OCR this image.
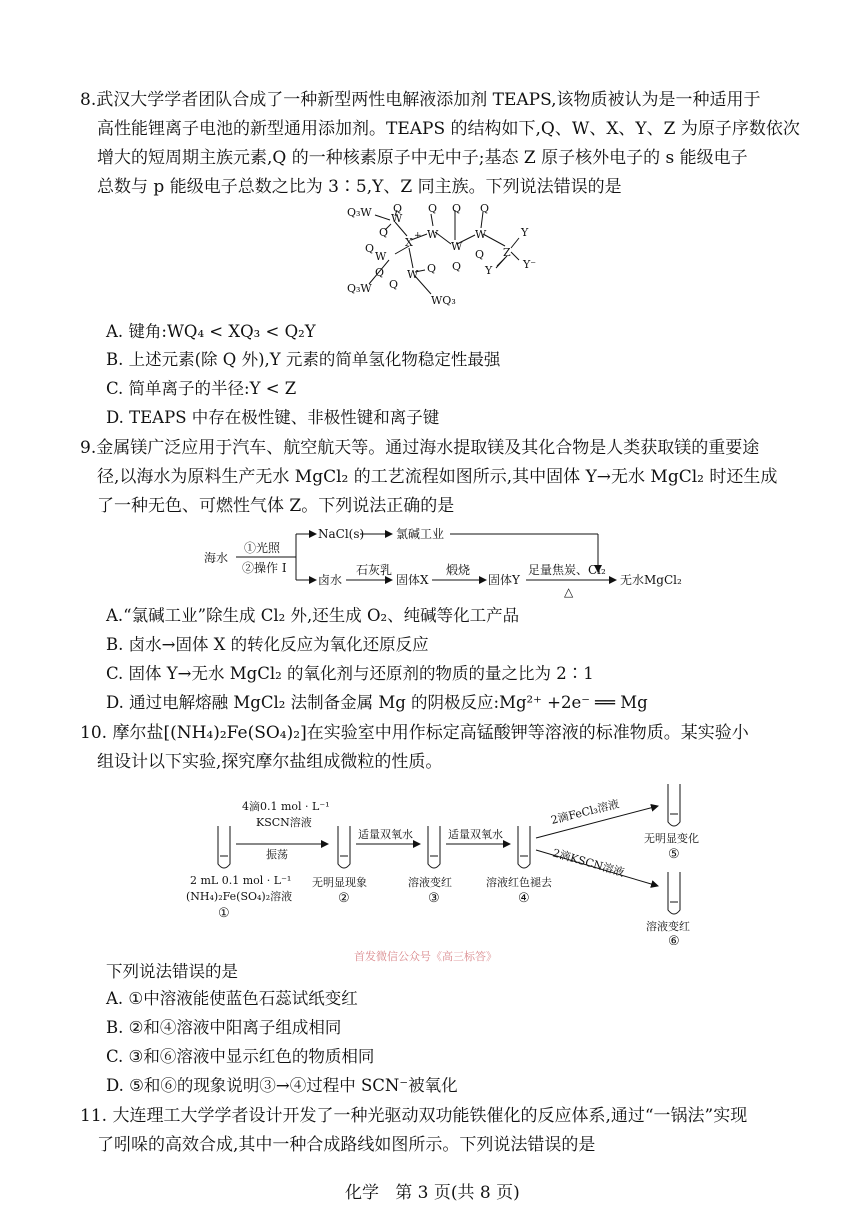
8.武汉大学学者团队合成了一种新型两性电解液添加剂 TEAPS,该物质被认为是一种适用于
高性能锂离子电池的新型通用添加剂。TEAPS 的结构如下,Q、W、X、Y、Z 为原子序数依次
增大的短周期主族元素,Q 的一种核素原子中无中子;基态 Z 原子核外电子的 s 能级电子
总数与 p 能级电子总数之比为 3∶5,Y、Z 同主族。下列说法错误的是
Q₃W W
Q
Q
X + W
Q
W
Q
Q
W
Q
Q Z
Y
Y	Y⁻
W
Q
Q W
Q
Q
Q₃W
WQ₃
A. 键角:WQ₄ < XQ₃ < Q₂Y
B. 上述元素(除 Q 外),Y 元素的简单氢化物稳定性最强
C. 简单离子的半径:Y < Z
D. TEAPS 中存在极性键、非极性键和离子键
9.金属镁广泛应用于汽车、航空航天等。通过海水提取镁及其化合物是人类获取镁的重要途
径,以海水为原料生产无水 MgCl₂ 的工艺流程如图所示,其中固体 Y→无水 MgCl₂ 时还生成
了一种无色、可燃性气体 Z。下列说法正确的是
海水
①光照
②操作 I
NaCl(s)	氯碱工业
卤水
石灰乳
固体X
煅烧
固体Y
足量焦炭、Cl₂
△
无水MgCl₂
A.“氯碱工业”除生成 Cl₂ 外,还生成 O₂、纯碱等化工产品
B. 卤水→固体 X 的转化反应为氧化还原反应
C. 固体 Y→无水 MgCl₂ 的氧化剂与还原剂的物质的量之比为 2∶1
D. 通过电解熔融 MgCl₂ 法制备金属 Mg 的阴极反应:Mg²⁺ +2e⁻ ══ Mg
10. 摩尔盐[(NH₄)₂Fe(SO₄)₂]在实验室中用作标定高锰酸钾等溶液的标准物质。某实验小
组设计以下实验,探究摩尔盐组成微粒的性质。
4滴0.1 mol · L⁻¹
KSCN溶液
振荡
适量双氧水	适量双氧水
2滴FeCl₃溶液
2滴KSCN溶液
2 mL 0.1 mol · L⁻¹
(NH₄)₂Fe(SO₄)₂溶液
①
无明显现象
②
溶液变红
③
溶液红色褪去
④
无明显变化
⑤
溶液变红
⑥
首发微信公众号《高三标答》
下列说法错误的是
A. ①中溶液能使蓝色石蕊试纸变红
B. ②和④溶液中阳离子组成相同
C. ③和⑥溶液中显示红色的物质相同
D. ⑤和⑥的现象说明③→④过程中 SCN⁻被氧化
11. 大连理工大学学者设计开发了一种光驱动双功能铁催化的反应体系,通过“一锅法”实现
了吲哚的高效合成,其中一种合成路线如图所示。下列说法错误的是
化学   第 3 页(共 8 页)
